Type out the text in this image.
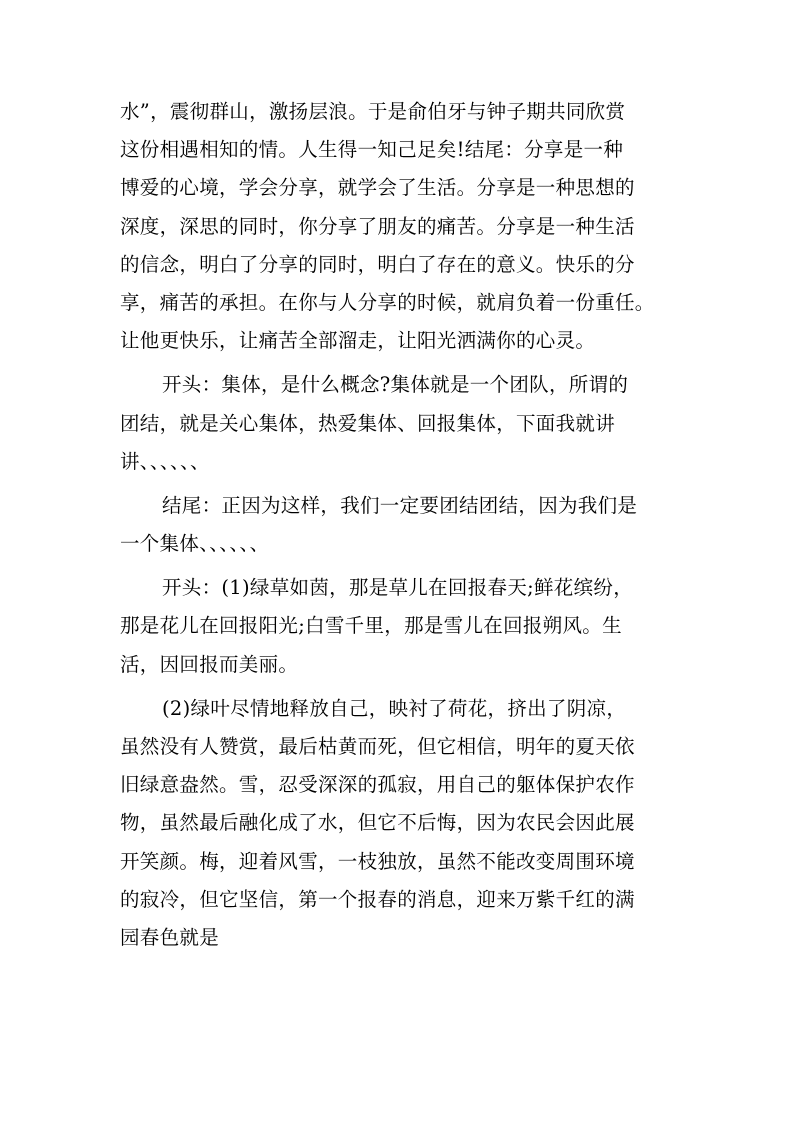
水”，震彻群山，激扬层浪。于是俞伯牙与钟子期共同欣赏
这份相遇相知的情。人生得一知己足矣!结尾：分享是一种
博爱的心境，学会分享，就学会了生活。分享是一种思想的
深度，深思的同时，你分享了朋友的痛苦。分享是一种生活
的信念，明白了分享的同时，明白了存在的意义。快乐的分
享，痛苦的承担。在你与人分享的时候，就肩负着一份重任。
让他更快乐，让痛苦全部溜走，让阳光洒满你的心灵。
开头：集体，是什么概念?集体就是一个团队，所谓的
团结，就是关心集体，热爱集体、回报集体，下面我就讲
讲、、、、、、
结尾：正因为这样，我们一定要团结团结，因为我们是
一个集体、、、、、、
开头：(1)绿草如茵，那是草儿在回报春天;鲜花缤纷，
那是花儿在回报阳光;白雪千里，那是雪儿在回报朔风。生
活，因回报而美丽。
(2)绿叶尽情地释放自己，映衬了荷花，挤出了阴凉，
虽然没有人赞赏，最后枯黄而死，但它相信，明年的夏天依
旧绿意盎然。雪，忍受深深的孤寂，用自己的躯体保护农作
物，虽然最后融化成了水，但它不后悔，因为农民会因此展
开笑颜。梅，迎着风雪，一枝独放，虽然不能改变周围环境
的寂冷，但它坚信，第一个报春的消息，迎来万紫千红的满
园春色就是
